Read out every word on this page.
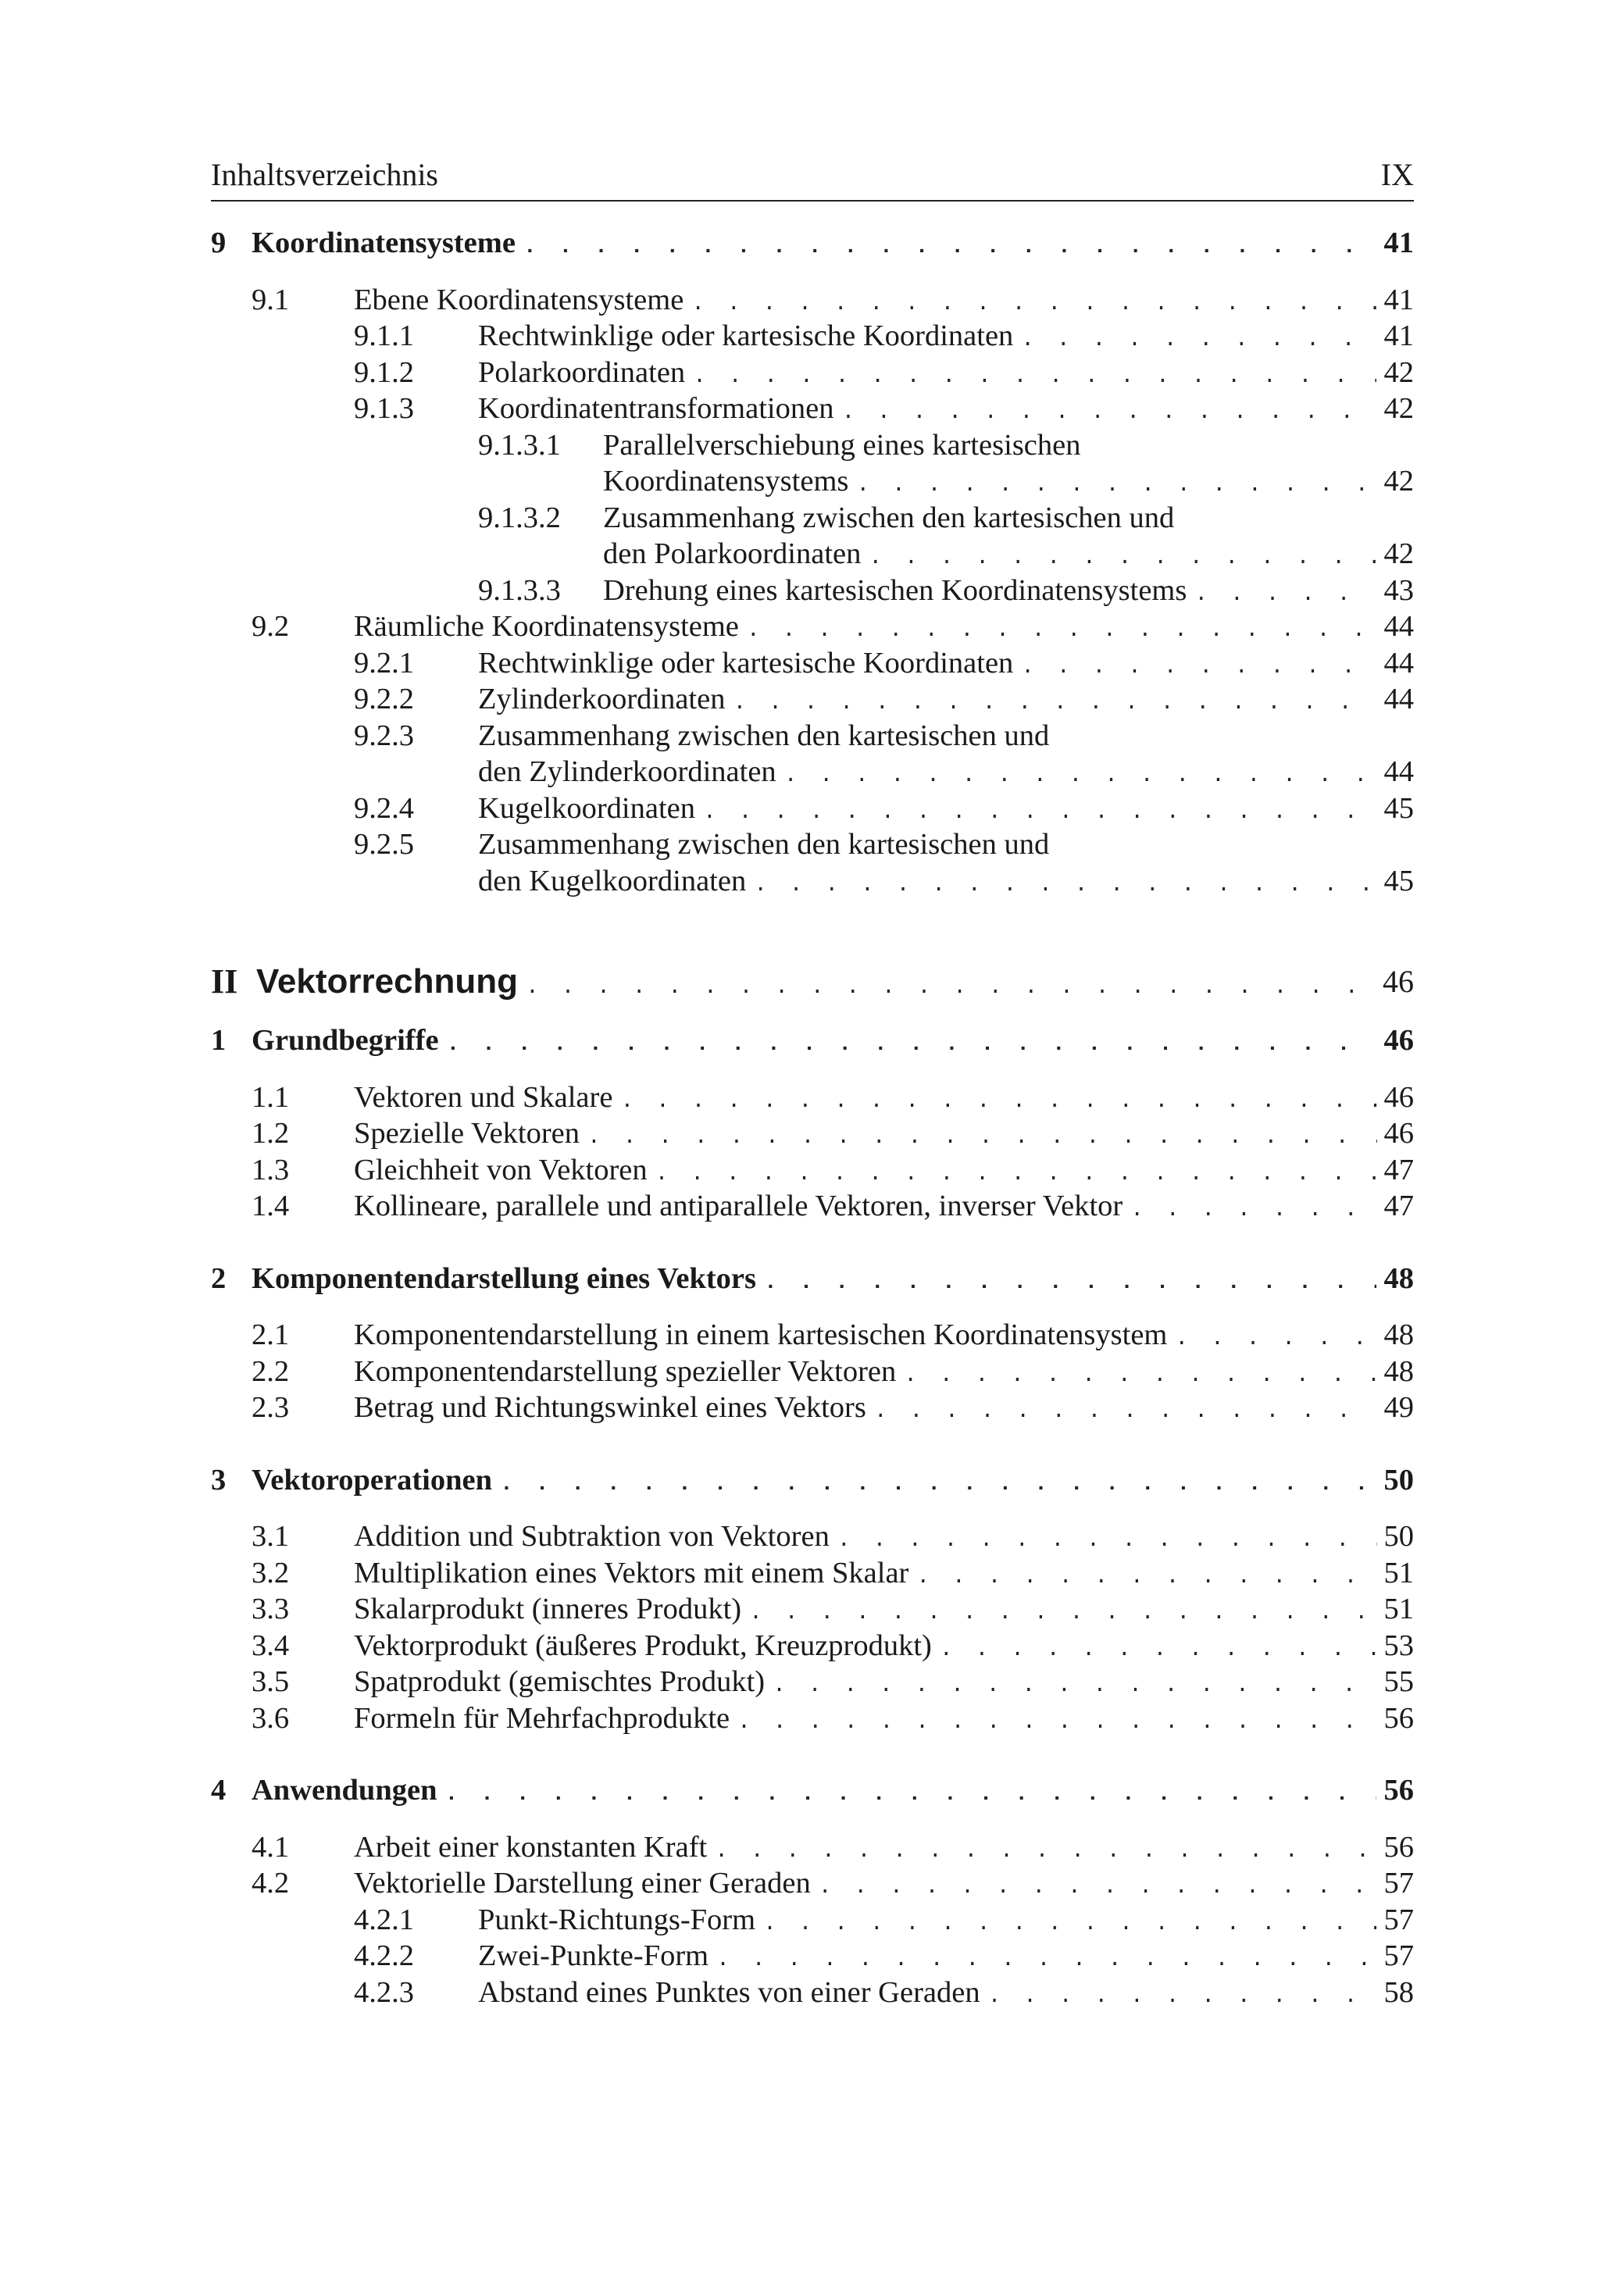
Inhaltsverzeichnis	IX
9 Koordinatensysteme . . .	41
9.1 Ebene Koordinatensysteme . . .	41
9.1.1 Rechtwinklige oder kartesische Koordinaten . . .	41
9.1.2 Polarkoordinaten . . .	42
9.1.3 Koordinatentransformationen . . .	42
9.1.3.1 Parallelverschiebung eines kartesischen
Koordinatensystems . . .	42
9.1.3.2 Zusammenhang zwischen den kartesischen und
den Polarkoordinaten . . .	42
9.1.3.3 Drehung eines kartesischen Koordinatensystems . . .	43
9.2 Räumliche Koordinatensysteme . . .	44
9.2.1 Rechtwinklige oder kartesische Koordinaten . . .	44
9.2.2 Zylinderkoordinaten . . .	44
9.2.3 Zusammenhang zwischen den kartesischen und
den Zylinderkoordinaten . . .	44
9.2.4 Kugelkoordinaten . . .	45
9.2.5 Zusammenhang zwischen den kartesischen und
den Kugelkoordinaten . . .	45
II Vektorrechnung . . .	46
1 Grundbegriffe . . .	46
1.1 Vektoren und Skalare . . .	46
1.2 Spezielle Vektoren . . .	46
1.3 Gleichheit von Vektoren . . .	47
1.4 Kollineare, parallele und antiparallele Vektoren, inverser Vektor . . .	47
2 Komponentendarstellung eines Vektors . . .	48
2.1 Komponentendarstellung in einem kartesischen Koordinatensystem . . .	48
2.2 Komponentendarstellung spezieller Vektoren . . .	48
2.3 Betrag und Richtungswinkel eines Vektors . . .	49
3 Vektoroperationen . . .	50
3.1 Addition und Subtraktion von Vektoren . . .	50
3.2 Multiplikation eines Vektors mit einem Skalar . . .	51
3.3 Skalarprodukt (inneres Produkt) . . .	51
3.4 Vektorprodukt (äußeres Produkt, Kreuzprodukt) . . .	53
3.5 Spatprodukt (gemischtes Produkt) . . .	55
3.6 Formeln für Mehrfachprodukte . . .	56
4 Anwendungen . . .	56
4.1 Arbeit einer konstanten Kraft . . .	56
4.2 Vektorielle Darstellung einer Geraden . . .	57
4.2.1 Punkt-Richtungs-Form . . .	57
4.2.2 Zwei-Punkte-Form . . .	57
4.2.3 Abstand eines Punktes von einer Geraden . . .	58
